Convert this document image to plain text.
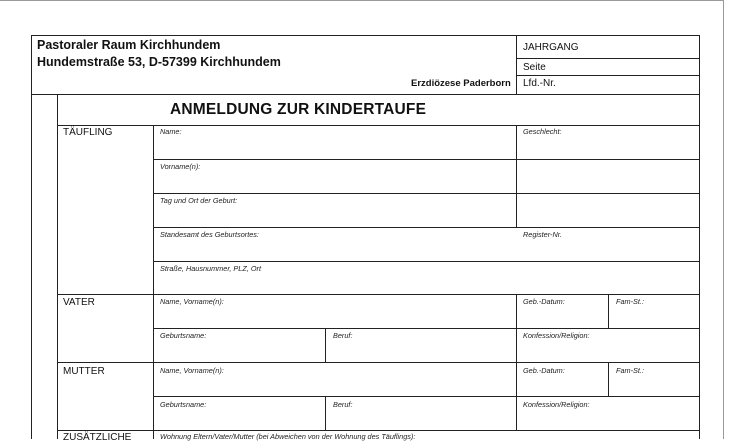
Pastoraler Raum Kirchhundem
Hundemstraße 53, D-57399 Kirchhundem
Erzdiözese Paderborn
JAHRGANG
Seite
Lfd.-Nr.
ANMELDUNG ZUR KINDERTAUFE
TÄUFLING	Name:	Geschlecht:
Vorname(n):
Tag und Ort der Geburt:
Standesamt des Geburtsortes:	Register-Nr.
Straße, Hausnummer, PLZ, Ort
VATER	Name, Vorname(n):	Geb.-Datum:	Fam-St.:
Geburtsname:	Beruf:	Konfession/Religion:
MUTTER	Name, Vorname(n):	Geb.-Datum:	Fam-St.:
Geburtsname:	Beruf:	Konfession/Religion:
ZUSÄTZLICHE	Wohnung Eltern/Vater/Mutter (bei Abweichen von der Wohnung des Täuflings):
